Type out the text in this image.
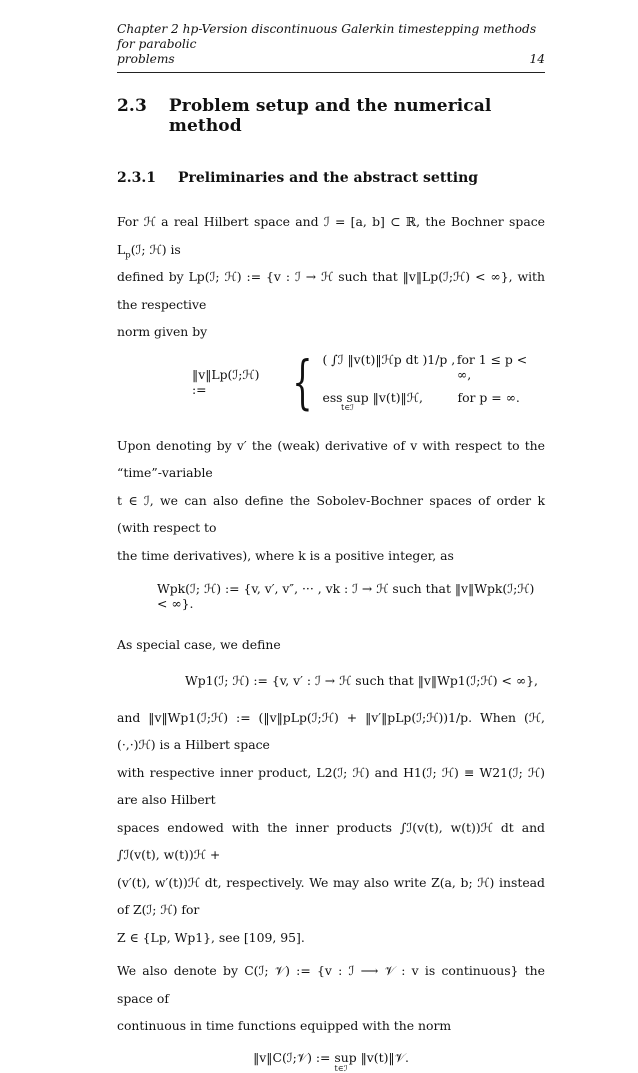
Chapter 2 hp-Version discontinuous Galerkin timestepping methods for parabolic
problems	14
2.3 Problem setup and the numerical method
2.3.1 Preliminaries and the abstract setting

For ℋ a real Hilbert space and ℐ = [a, b] ⊂ ℝ, the Bochner space $L_p(ℐ$; ℋ) is

defined by Lp(ℐ; ℋ) := {v : ℐ → ℋ such that ‖v‖Lp(ℐ;ℋ) < ∞}, with the respective

norm given by

‖v‖Lp(ℐ;ℋ) :=	{ ( ∫ℐ ‖v(t)‖ℋp dt )1/p , for 1 ≤ p < ∞,
ess sup ‖v(t)‖ℋ,
t∈ℐ
for p = ∞.

Upon denoting by v′ the (weak) derivative of v with respect to the “time”-variable

t ∈ ℐ, we can also define the Sobolev-Bochner spaces of order k (with respect to

the time derivatives), where k is a positive integer, as

Wpk(ℐ; ℋ) := {v, v′, v″, ··· , vk : ℐ → ℋ such that ‖v‖Wpk(ℐ;ℋ) < ∞}.

As special case, we define

Wp1(ℐ; ℋ) := {v, v′ : ℐ → ℋ such that ‖v‖Wp1(ℐ;ℋ) < ∞},

and ‖v‖Wp1(ℐ;ℋ) := (‖v‖pLp(ℐ;ℋ) + ‖v′‖pLp(ℐ;ℋ))1/p. When (ℋ, (·,·)ℋ) is a Hilbert space

with respective inner product, L2(ℐ; ℋ) and H1(ℐ; ℋ) ≡ W21(ℐ; ℋ) are also Hilbert

spaces endowed with the inner products ∫ℐ(v(t), w(t))ℋ dt and ∫ℐ(v(t), w(t))ℋ +

(v′(t), w′(t))ℋ dt, respectively. We may also write Z(a, b; ℋ) instead of Z(ℐ; ℋ) for

Z ∈ {Lp, Wp1}, see [109, 95].

We also denote by C(ℐ; 𝒱) := {v : ℐ ⟶ 𝒱 : v is continuous} the space of

continuous in time functions equipped with the norm

‖v‖C(ℐ;𝒱) := sup ‖v(t)‖𝒱.
t∈ℐ
